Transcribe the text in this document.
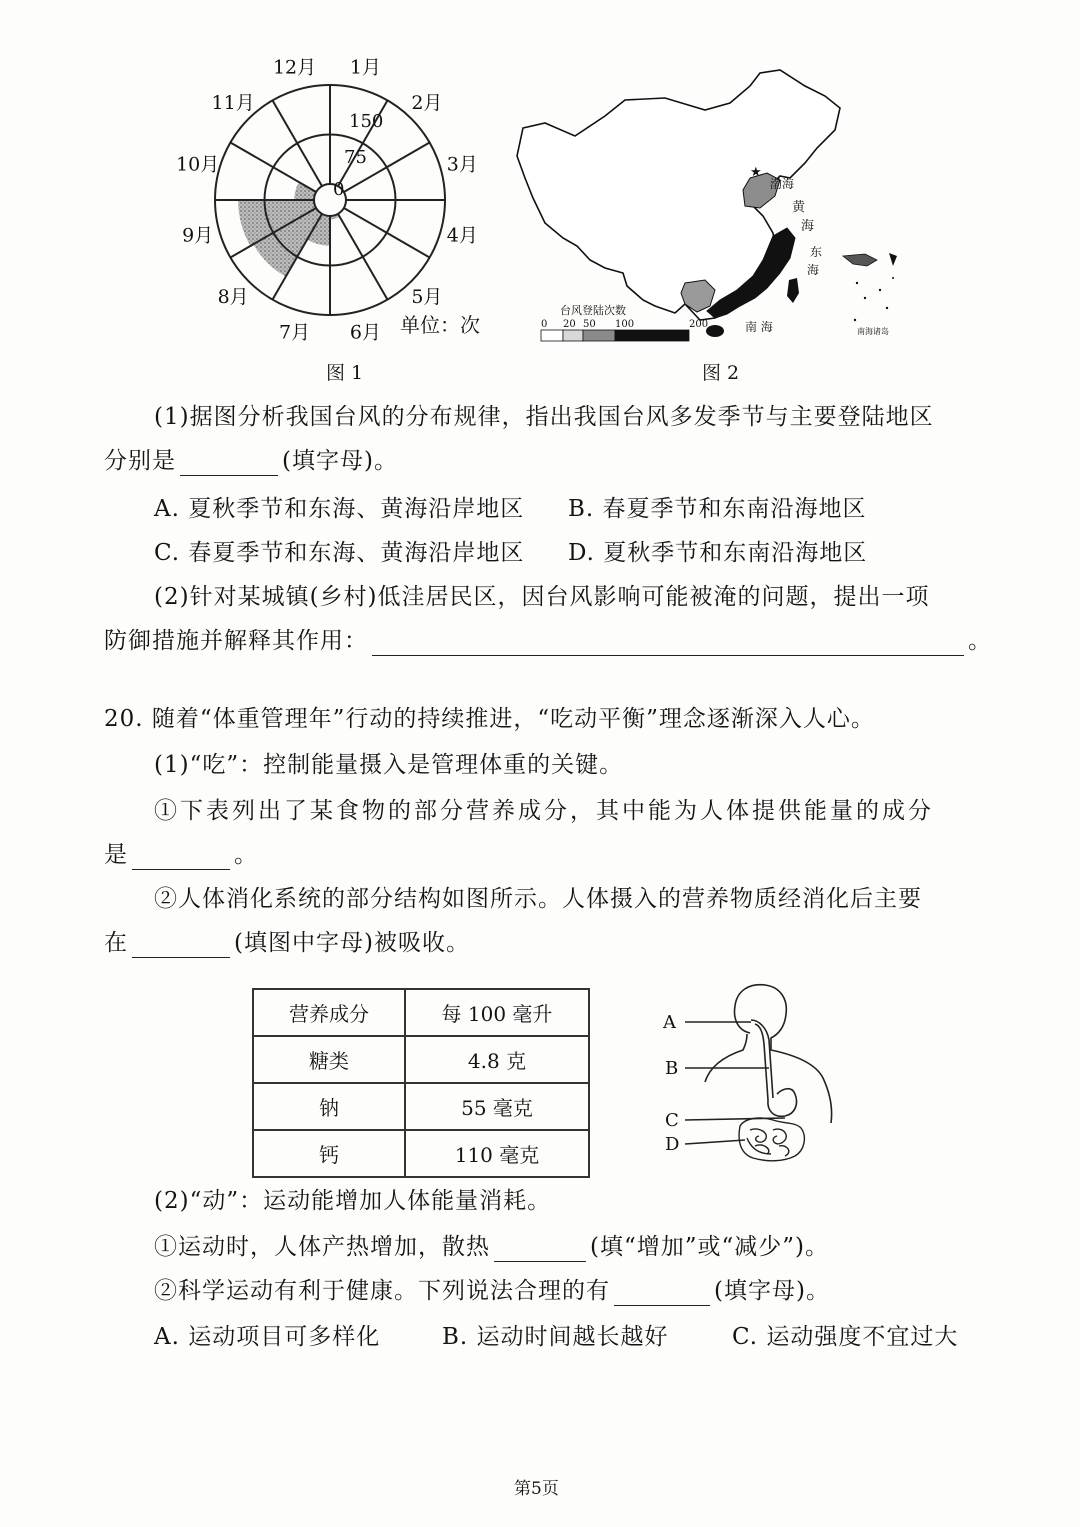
1月
2月
3月
4月
5月
6月
7月
8月
9月
10月
11月
12月
150
75
0
单位：次
图 1
★
渤海
黄
海
东
海
南 海	南海诸岛
台风登陆次数
0 20 50 100	200
图 2
(1)据图分析我国台风的分布规律，指出我国台风多发季节与主要登陆地区
分别是	(填字母)。
A. 夏秋季节和东海、黄海沿岸地区 B. 春夏季节和东南沿海地区
C. 春夏季节和东海、黄海沿岸地区 D. 夏秋季节和东南沿海地区
(2)针对某城镇(乡村)低洼居民区，因台风影响可能被淹的问题，提出一项
防御措施并解释其作用：	。
20. 随着“体重管理年”行动的持续推进，“吃动平衡”理念逐渐深入人心。
(1)“吃”：控制能量摄入是管理体重的关键。
①下表列出了某食物的部分营养成分，其中能为人体提供能量的成分
是	。
②人体消化系统的部分结构如图所示。人体摄入的营养物质经消化后主要
在	(填图中字母)被吸收。
营养成分	每 100 毫升
糖类	4.8 克
钠	55 毫克
钙	110 毫克
A
B
C
D
(2)“动”：运动能增加人体能量消耗。
①运动时，人体产热增加，散热	(填“增加”或“减少”)。
②科学运动有利于健康。下列说法合理的有	(填字母)。
A. 运动项目可多样化	B. 运动时间越长越好	C. 运动强度不宜过大
第5页
